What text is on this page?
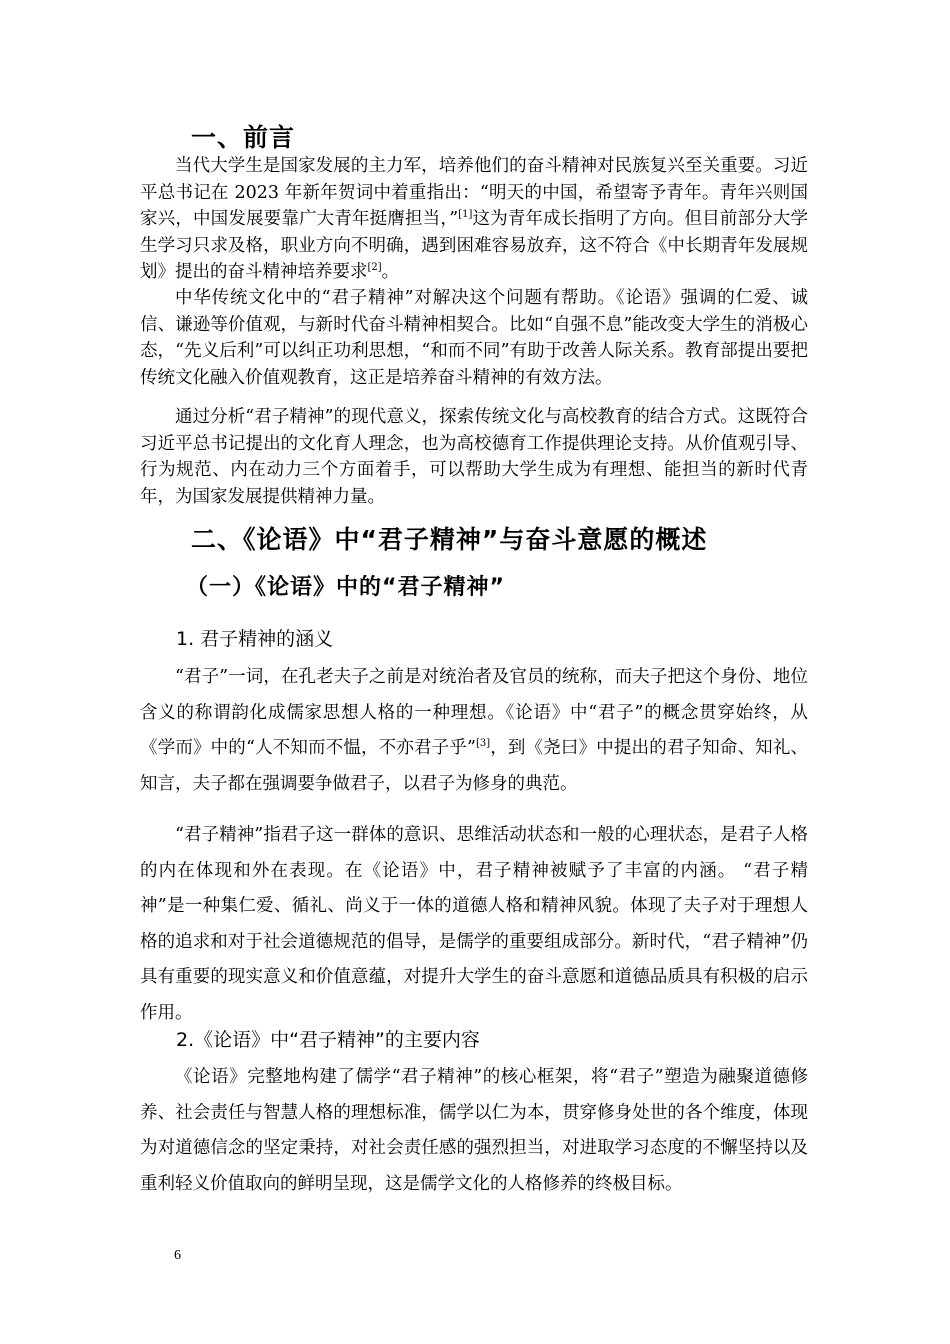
一、前言

当代大学生是国家发展的主力军，培养他们的奋斗精神对民族复兴至关重要。习近平总书记在 2023 年新年贺词中着重指出：“明天的中国，希望寄予青年。青年兴则国家兴，中国发展要靠广大青年挺膺担当，”[1]这为青年成长指明了方向。但目前部分大学生学习只求及格，职业方向不明确，遇到困难容易放弃，这不符合《中长期青年发展规划》提出的奋斗精神培养要求[2]。

中华传统文化中的“君子精神”对解决这个问题有帮助。《论语》强调的仁爱、诚信、谦逊等价值观，与新时代奋斗精神相契合。比如“自强不息”能改变大学生的消极心态，“先义后利”可以纠正功利思想，“和而不同”有助于改善人际关系。教育部提出要把传统文化融入价值观教育，这正是培养奋斗精神的有效方法。

通过分析“君子精神”的现代意义，探索传统文化与高校教育的结合方式。这既符合习近平总书记提出的文化育人理念，也为高校德育工作提供理论支持。从价值观引导、行为规范、内在动力三个方面着手，可以帮助大学生成为有理想、能担当的新时代青年，为国家发展提供精神力量。

二、《论语》中“君子精神”与奋斗意愿的概述
（一）《论语》中的“君子精神”
1. 君子精神的涵义

“君子”一词，在孔老夫子之前是对统治者及官员的统称，而夫子把这个身份、地位含义的称谓韵化成儒家思想人格的一种理想。《论语》中“君子”的概念贯穿始终，从《学而》中的“人不知而不愠，不亦君子乎”[3]，到《尧曰》中提出的君子知命、知礼、知言，夫子都在强调要争做君子，以君子为修身的典范。

“君子精神”指君子这一群体的意识、思维活动状态和一般的心理状态，是君子人格的内在体现和外在表现。在《论语》中，君子精神被赋予了丰富的内涵。 “君子精神”是一种集仁爱、循礼、尚义于一体的道德人格和精神风貌。体现了夫子对于理想人格的追求和对于社会道德规范的倡导，是儒学的重要组成部分。新时代，“君子精神”仍具有重要的现实意义和价值意蕴，对提升大学生的奋斗意愿和道德品质具有积极的启示作用。

2.《论语》中“君子精神”的主要内容

《论语》完整地构建了儒学“君子精神”的核心框架，将“君子”塑造为融聚道德修养、社会责任与智慧人格的理想标准，儒学以仁为本，贯穿修身处世的各个维度，体现为对道德信念的坚定秉持，对社会责任感的强烈担当，对进取学习态度的不懈坚持以及重利轻义价值取向的鲜明呈现，这是儒学文化的人格修养的终极目标。

6
